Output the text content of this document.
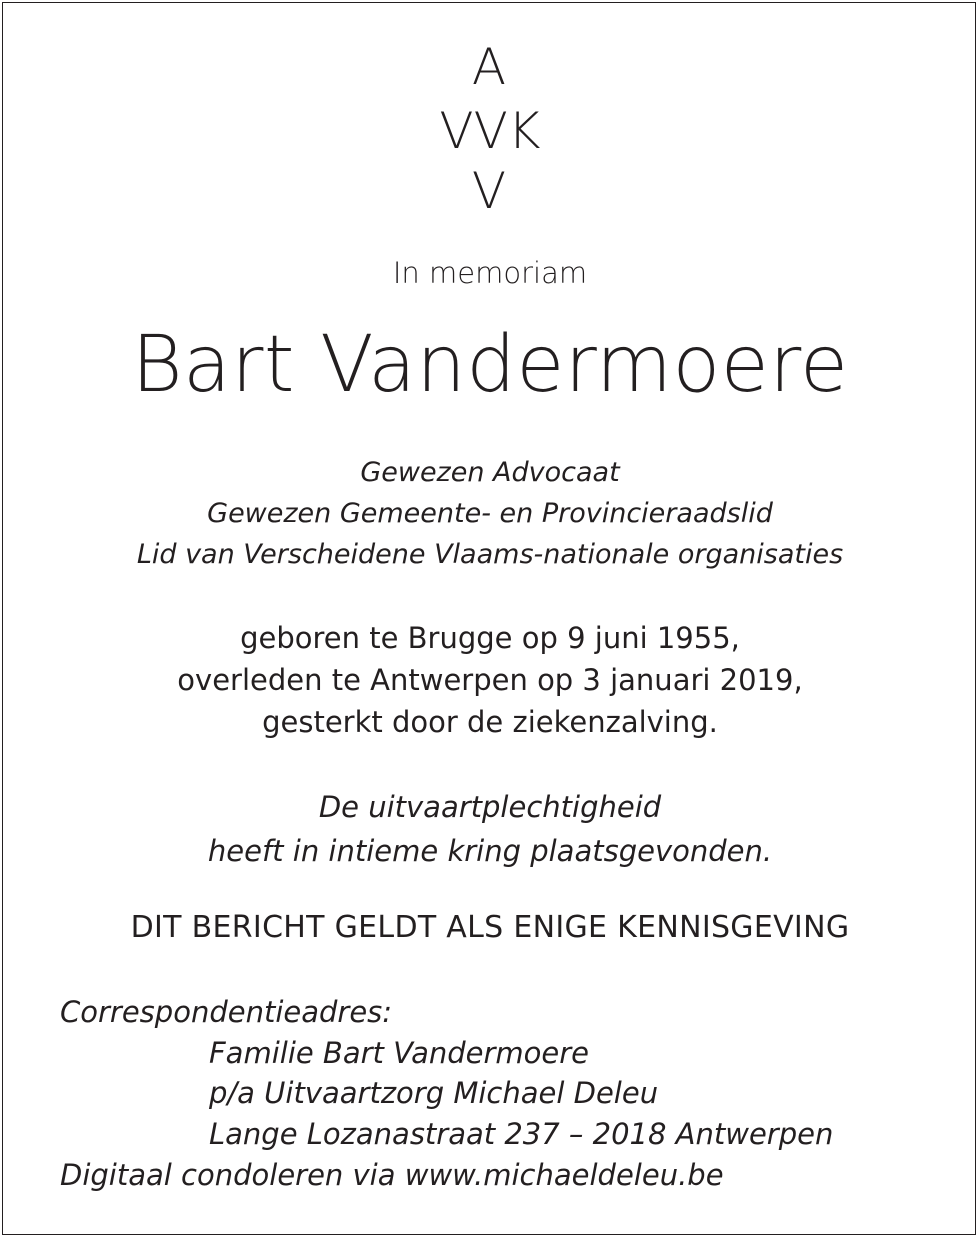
A
VVK
V
In memoriam
Bart Vandermoere
Gewezen Advocaat
Gewezen Gemeente- en Provincieraadslid
Lid van Verscheidene Vlaams-nationale organisaties
geboren te Brugge op 9 juni 1955,
overleden te Antwerpen op 3 januari 2019,
gesterkt door de ziekenzalving.
De uitvaartplechtigheid
heeft in intieme kring plaatsgevonden.
DIT BERICHT GELDT ALS ENIGE KENNISGEVING
Correspondentieadres:
Familie Bart Vandermoere
p/a Uitvaartzorg Michael Deleu
Lange Lozanastraat 237 – 2018 Antwerpen
Digitaal condoleren via www.michaeldeleu.be
